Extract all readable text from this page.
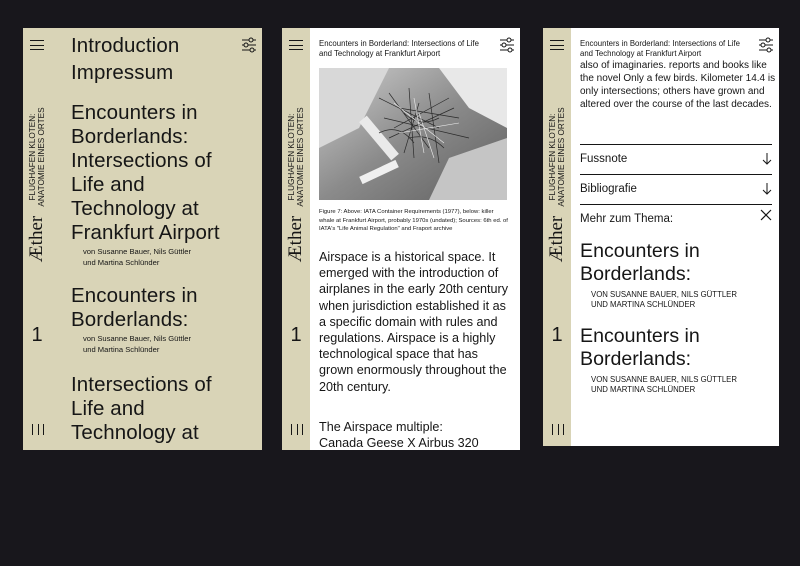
FLUGHAFEN KLOTEN: ANATOMIE EINES ORTES
Æther
1
Introduction
Impressum
Encounters in Borderlands: Intersections of Life and Technology at Frankfurt Airport
von Susanne Bauer, Nils Güttler
und Martina Schlünder
Encounters in Borderlands:
von Susanne Bauer, Nils Güttler
und Martina Schlünder
Intersections of Life and Technology at
FLUGHAFEN KLOTEN: ANATOMIE EINES ORTES
Æther
1
Encounters in Borderland: Intersections of Life and Technology at Frankfurt Airport
Figure 7: Above: IATA Container Requirements (1977), below: killer whale at Frankfurt Airport, probably 1970s (undated); Sources: 6th ed. of IATA's "Life Animal Regulation" and Fraport archive
Airspace is a historical space. It emerged with the introduction of airplanes in the early 20th century when jurisdiction established it as a specific domain with rules and regulations. Airspace is a highly technological space that has grown enormously throughout the 20th century.
The Airspace multiple:
Canada Geese X Airbus 320
FLUGHAFEN KLOTEN: ANATOMIE EINES ORTES
Æther
1
also of imaginaries. reports and books like the novel Only a few birds. Kilometer 14.4 is only intersections; others have grown and altered over the course of the last decades.
Encounters in Borderland: Intersections of Life and Technology at Frankfurt Airport
Fussnote
Bibliografie
Mehr zum Thema:
Encounters in Borderlands:
VON SUSANNE BAUER, NILS GÜTTLER
UND MARTINA SCHLÜNDER
Encounters in Borderlands:
VON SUSANNE BAUER, NILS GÜTTLER
UND MARTINA SCHLÜNDER
